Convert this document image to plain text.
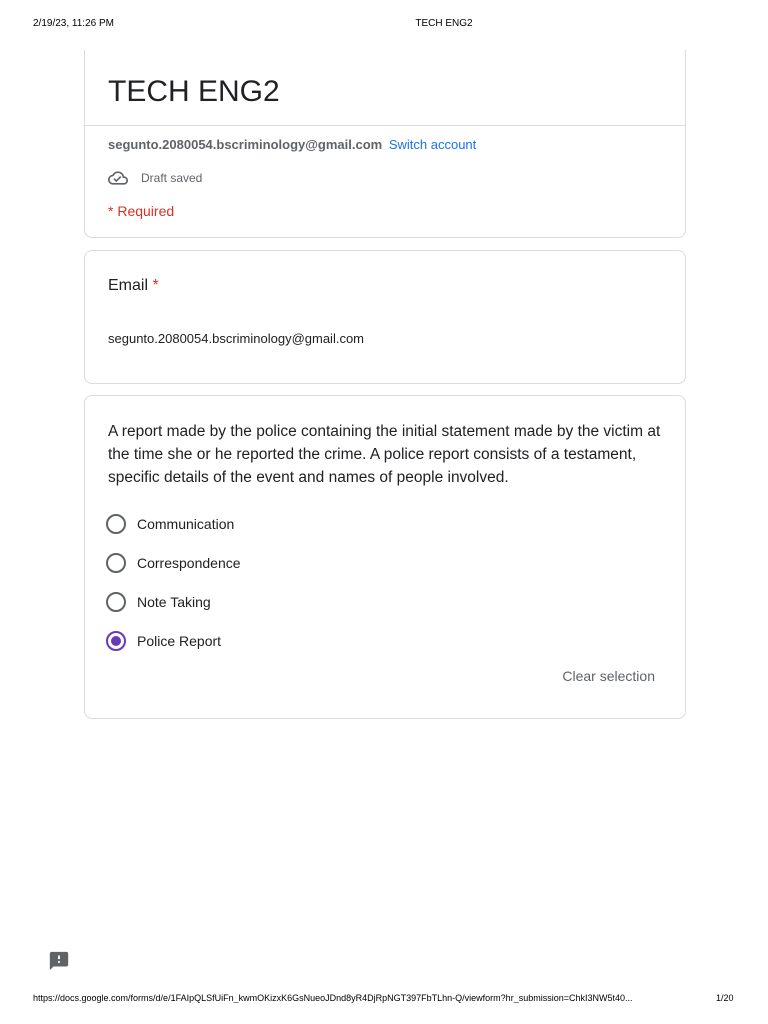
2/19/23, 11:26 PM	TECH ENG2
TECH ENG2
segunto.2080054.bscriminology@gmail.com Switch account
Draft saved
* Required
Email *
segunto.2080054.bscriminology@gmail.com
A report made by the police containing the initial statement made by the victim at the time she or he reported the crime. A police report consists of a testament, specific details of the event and names of people involved.
Communication
Correspondence
Note Taking
Police Report
Clear selection
https://docs.google.com/forms/d/e/1FAIpQLSfUiFn_kwmOKizxK6GsNueoJDnd8yR4DjRpNGT397FbTLhn-Q/viewform?hr_submission=ChkI3NW5t40...	1/20
